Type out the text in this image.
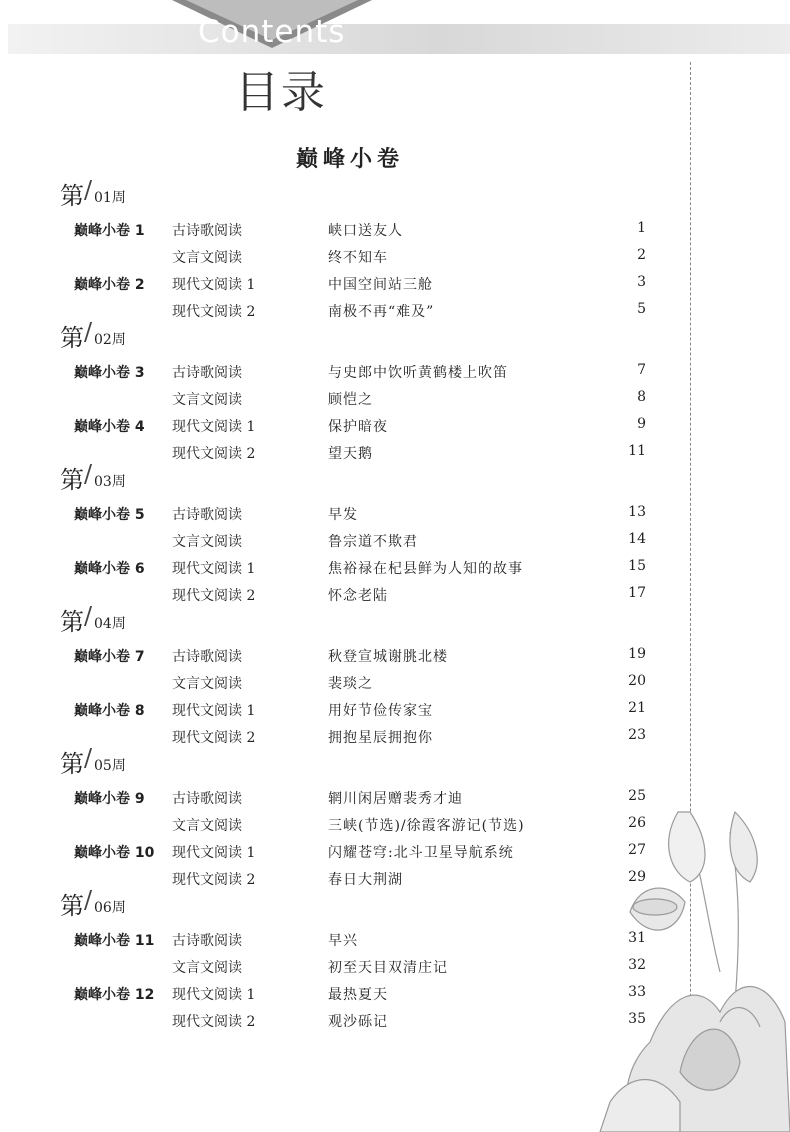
Contents
目录
巅峰小卷
第 / 01周
巅峰小卷 1 古诗歌阅读	峡口送友人	1
文言文阅读	终不知车	2
巅峰小卷 2 现代文阅读 1	中国空间站三舱	3
现代文阅读 2	南极不再“难及”	5
第 / 02周
巅峰小卷 3 古诗歌阅读	与史郎中饮听黄鹤楼上吹笛	7
文言文阅读	顾恺之	8
巅峰小卷 4 现代文阅读 1	保护暗夜	9
现代文阅读 2	望天鹅	11
第 / 03周
巅峰小卷 5 古诗歌阅读	早发	13
文言文阅读	鲁宗道不欺君	14
巅峰小卷 6 现代文阅读 1	焦裕禄在杞县鲜为人知的故事	15
现代文阅读 2	怀念老陆	17
第 / 04周
巅峰小卷 7 古诗歌阅读	秋登宣城谢朓北楼	19
文言文阅读	裴琰之	20
巅峰小卷 8 现代文阅读 1	用好节俭传家宝	21
现代文阅读 2	拥抱星辰拥抱你	23
第 / 05周
巅峰小卷 9 古诗歌阅读	辋川闲居赠裴秀才迪	25
文言文阅读	三峡(节选)/徐霞客游记(节选)	26
巅峰小卷 10 现代文阅读 1	闪耀苍穹:北斗卫星导航系统	27
现代文阅读 2	春日大荆湖	29
第 / 06周
巅峰小卷 11 古诗歌阅读	早兴	31
文言文阅读	初至天目双清庄记	32
巅峰小卷 12 现代文阅读 1	最热夏天	33
现代文阅读 2	观沙砾记	35
